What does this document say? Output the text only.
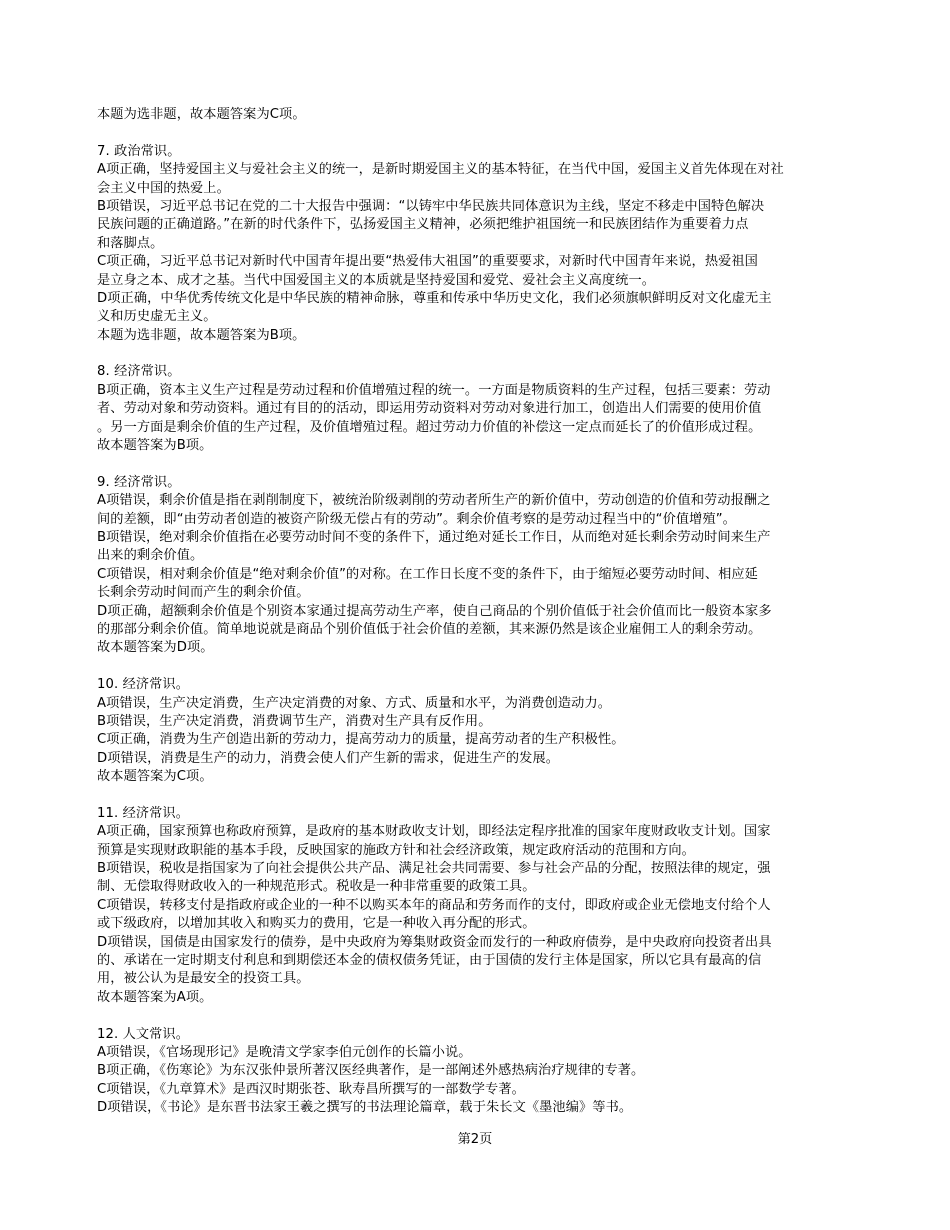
本题为选非题，故本题答案为C项。
7. 政治常识。
A项正确，坚持爱国主义与爱社会主义的统一，是新时期爱国主义的基本特征，在当代中国，爱国主义首先体现在对社
会主义中国的热爱上。
B项错误，习近平总书记在党的二十大报告中强调：“以铸牢中华民族共同体意识为主线，坚定不移走中国特色解决
民族问题的正确道路。”在新的时代条件下，弘扬爱国主义精神，必须把维护祖国统一和民族团结作为重要着力点
和落脚点。
C项正确，习近平总书记对新时代中国青年提出要“热爱伟大祖国”的重要要求，对新时代中国青年来说，热爱祖国
是立身之本、成才之基。当代中国爱国主义的本质就是坚持爱国和爱党、爱社会主义高度统一。
D项正确，中华优秀传统文化是中华民族的精神命脉，尊重和传承中华历史文化，我们必须旗帜鲜明反对文化虚无主
义和历史虚无主义。
本题为选非题，故本题答案为B项。
8. 经济常识。
B项正确，资本主义生产过程是劳动过程和价值增殖过程的统一。一方面是物质资料的生产过程，包括三要素：劳动
者、劳动对象和劳动资料。通过有目的的活动，即运用劳动资料对劳动对象进行加工，创造出人们需要的使用价值
。另一方面是剩余价值的生产过程，及价值增殖过程。超过劳动力价值的补偿这一定点而延长了的价值形成过程。
故本题答案为B项。
9. 经济常识。
A项错误，剩余价值是指在剥削制度下，被统治阶级剥削的劳动者所生产的新价值中，劳动创造的价值和劳动报酬之
间的差额，即“由劳动者创造的被资产阶级无偿占有的劳动”。剩余价值考察的是劳动过程当中的“价值增殖”。
B项错误，绝对剩余价值指在必要劳动时间不变的条件下，通过绝对延长工作日，从而绝对延长剩余劳动时间来生产
出来的剩余价值。
C项错误，相对剩余价值是“绝对剩余价值”的对称。在工作日长度不变的条件下，由于缩短必要劳动时间、相应延
长剩余劳动时间而产生的剩余价值。
D项正确，超额剩余价值是个别资本家通过提高劳动生产率，使自己商品的个别价值低于社会价值而比一般资本家多
的那部分剩余价值。简单地说就是商品个别价值低于社会价值的差额，其来源仍然是该企业雇佣工人的剩余劳动。
故本题答案为D项。
10. 经济常识。
A项错误，生产决定消费，生产决定消费的对象、方式、质量和水平，为消费创造动力。
B项错误，生产决定消费，消费调节生产，消费对生产具有反作用。
C项正确，消费为生产创造出新的劳动力，提高劳动力的质量，提高劳动者的生产积极性。
D项错误，消费是生产的动力，消费会使人们产生新的需求，促进生产的发展。
故本题答案为C项。
11. 经济常识。
A项正确，国家预算也称政府预算，是政府的基本财政收支计划，即经法定程序批准的国家年度财政收支计划。国家
预算是实现财政职能的基本手段，反映国家的施政方针和社会经济政策，规定政府活动的范围和方向。
B项错误，税收是指国家为了向社会提供公共产品、满足社会共同需要、参与社会产品的分配，按照法律的规定，强
制、无偿取得财政收入的一种规范形式。税收是一种非常重要的政策工具。
C项错误，转移支付是指政府或企业的一种不以购买本年的商品和劳务而作的支付，即政府或企业无偿地支付给个人
或下级政府，以增加其收入和购买力的费用，它是一种收入再分配的形式。
D项错误，国债是由国家发行的债券，是中央政府为筹集财政资金而发行的一种政府债券，是中央政府向投资者出具
的、承诺在一定时期支付利息和到期偿还本金的债权债务凭证，由于国债的发行主体是国家，所以它具有最高的信
用，被公认为是最安全的投资工具。
故本题答案为A项。
12. 人文常识。
A项错误，《官场现形记》是晚清文学家李伯元创作的长篇小说。
B项正确，《伤寒论》为东汉张仲景所著汉医经典著作，是一部阐述外感热病治疗规律的专著。
C项错误，《九章算术》是西汉时期张苍、耿寿昌所撰写的一部数学专著。
D项错误，《书论》是东晋书法家王羲之撰写的书法理论篇章，载于朱长文《墨池编》等书。
第2页
